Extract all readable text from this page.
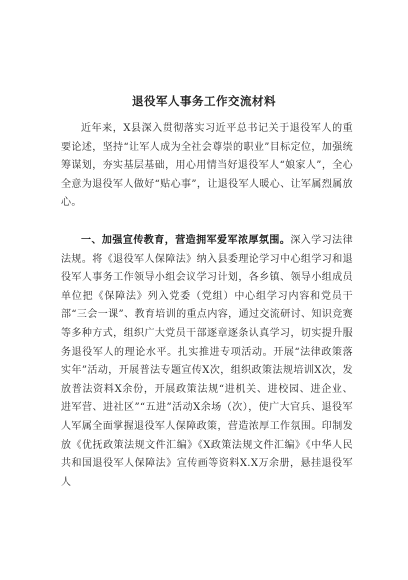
退役军人事务工作交流材料

近年来，X县深入贯彻落实习近平总书记关于退役军人的重要论述，坚持“让军人成为全社会尊崇的职业”目标定位，加强统筹谋划，夯实基层基础，用心用情当好退役军人“娘家人”，全心全意为退役军人做好“贴心事”，让退役军人暖心、让军属烈属放心。

一、加强宣传教育，营造拥军爱军浓厚氛围。深入学习法律法规。将《退役军人保障法》纳入县委理论学习中心组学习和退役军人事务工作领导小组会议学习计划，各乡镇、领导小组成员单位把《保障法》列入党委（党组）中心组学习内容和党员干部“三会一课”、教育培训的重点内容，通过交流研讨、知识竞赛等多种方式，组织广大党员干部逐章逐条认真学习，切实提升服务退役军人的理论水平。扎实推进专项活动。开展“法律政策落实年”活动，开展普法专题宣传X次，组织政策法规培训X次，发放普法资料X余份，开展政策法规“进机关、进校园、进企业、进军营、进社区”“五进”活动X余场（次），使广大官兵、退役军人军属全面掌握退役军人保障政策，营造浓厚工作氛围。印制发放《优抚政策法规文件汇编》《X政策法规文件汇编》《中华人民共和国退役军人保障法》宣传画等资料X.X万余册，悬挂退役军人
